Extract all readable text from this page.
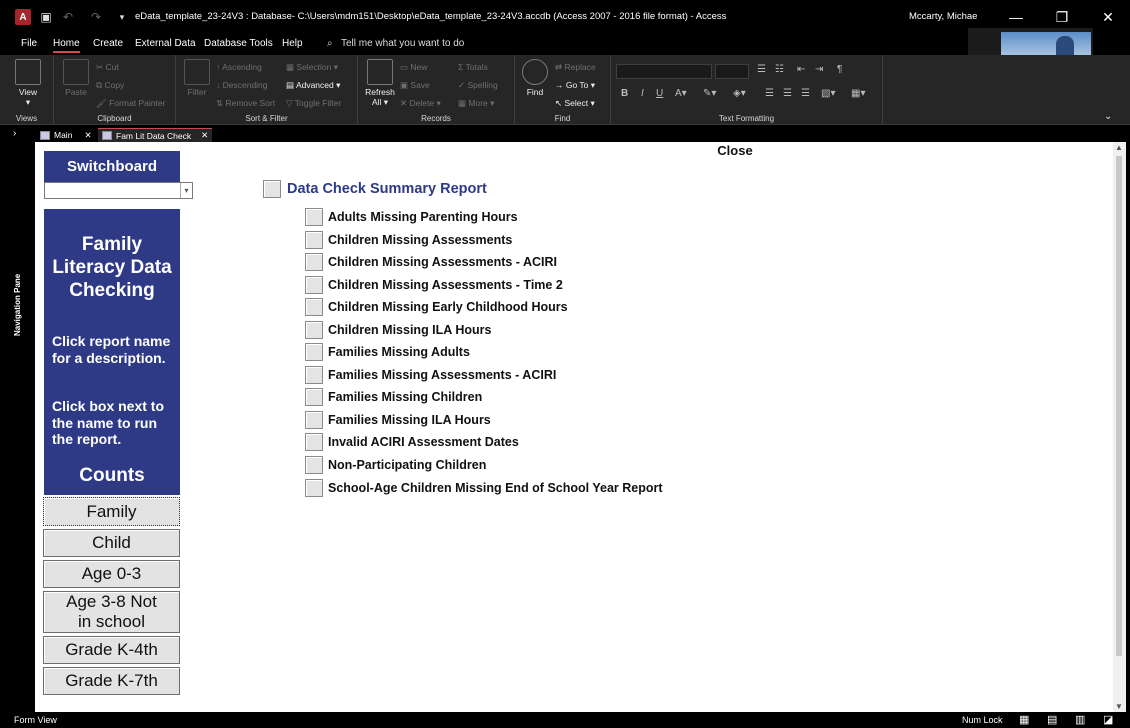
A	▣ ↶ ↷	▾	eData_template_23-24V3 : Database- C:\Users\mdm151\Desktop\eData_template_23-24V3.accdb (Access 2007 - 2016 file format) - Access	Mccarty, Michae	—	❐	✕
File Home Create External Data Database Tools Help ⌕ Tell me what you want to do
View
▾
Views
Paste
✂ Cut
⧉ Copy
🖌 Format Painter
Clipboard
Filter
↑ Ascending
↓ Descending
⇅ Remove Sort
▦ Selection ▾
▤ Advanced ▾
▽ Toggle Filter
Sort & Filter
Refresh
All ▾
▭ New
▣ Save
✕ Delete ▾
Σ Totals
✓ Spelling
▦ More ▾
Records
Find
⇄ Replace
→ Go To ▾
↖ Select ▾
Find
☰ ☷ ⇤ ⇥ ¶
B I U A▾ ✎▾ ◈▾ ☰ ☰ ☰ ▧▾ ▦▾
Text Formatting	⌄
›
Navigation Pane
Main ✕	Fam Lit Data Check ✕
Switchboard
▾
Family Literacy Data Checking
Click report name for a description.
Click box next to the name to run the report.
Counts
Family
Child
Age 0-3
Age 3-8 Not in school
Grade K-4th
Grade K-7th
Close
Data Check Summary Report
Adults Missing Parenting Hours
Children Missing Assessments
Children Missing Assessments - ACIRI
Children Missing Assessments - Time 2
Children Missing Early Childhood Hours
Children Missing ILA Hours
Families Missing Adults
Families Missing Assessments - ACIRI
Families Missing Children
Families Missing ILA Hours
Invalid ACIRI Assessment Dates
Non-Participating Children
School-Age Children Missing End of School Year Report
▲
▼
Form View	Num Lock ▦ ▤ ▥ ◪
